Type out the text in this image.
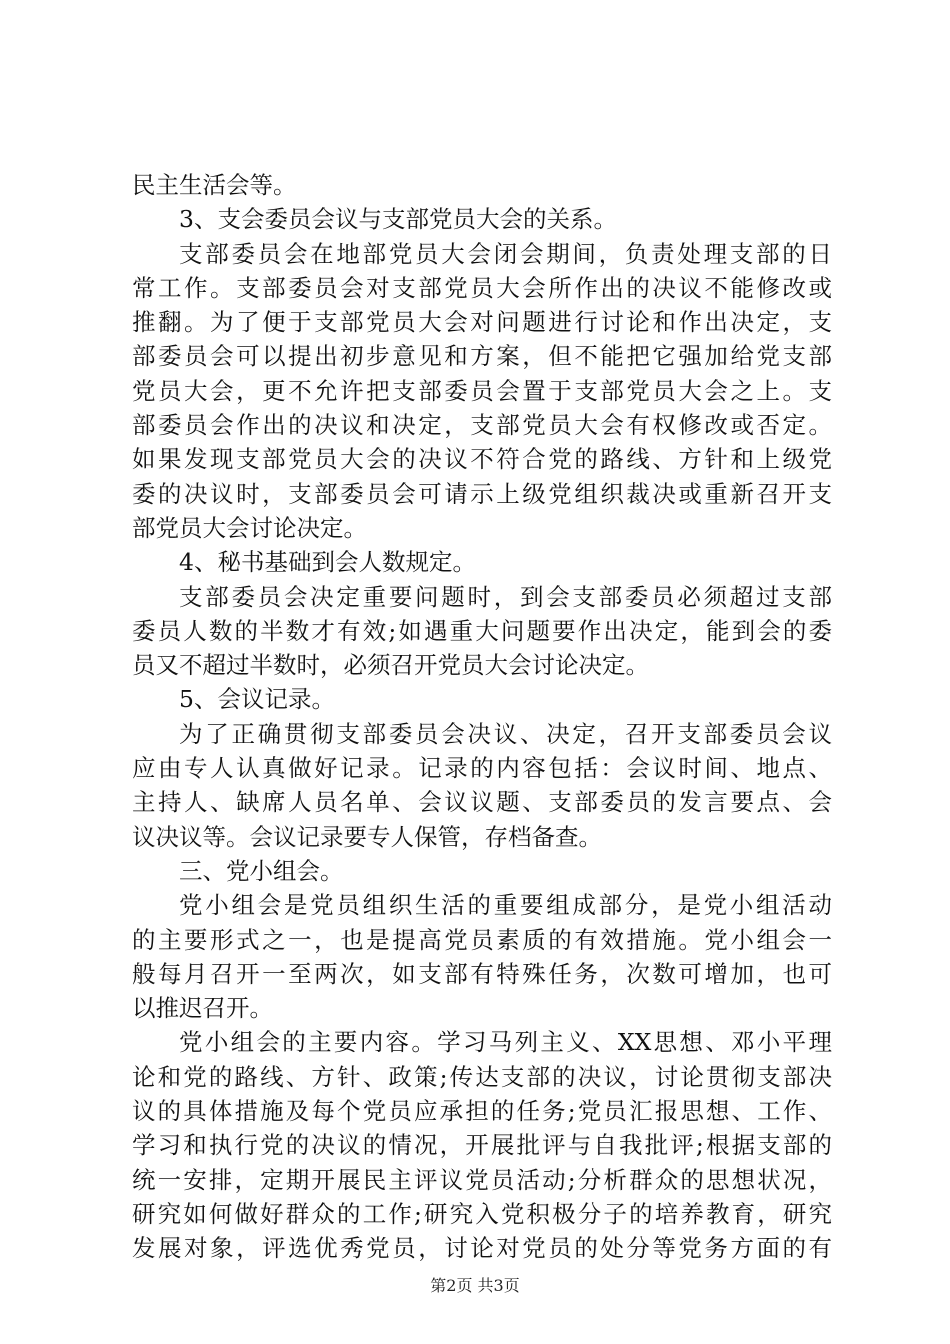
民主生活会等。
3、支会委员会议与支部党员大会的关系。
支部委员会在地部党员大会闭会期间，负责处理支部的日
常工作。支部委员会对支部党员大会所作出的决议不能修改或
推翻。为了便于支部党员大会对问题进行讨论和作出决定，支
部委员会可以提出初步意见和方案，但不能把它强加给党支部
党员大会，更不允许把支部委员会置于支部党员大会之上。支
部委员会作出的决议和决定，支部党员大会有权修改或否定。
如果发现支部党员大会的决议不符合党的路线、方针和上级党
委的决议时，支部委员会可请示上级党组织裁决或重新召开支
部党员大会讨论决定。
4、秘书基础到会人数规定。
支部委员会决定重要问题时，到会支部委员必须超过支部
委员人数的半数才有效;如遇重大问题要作出决定，能到会的委
员又不超过半数时，必须召开党员大会讨论决定。
5、会议记录。
为了正确贯彻支部委员会决议、决定，召开支部委员会议
应由专人认真做好记录。记录的内容包括：会议时间、地点、
主持人、缺席人员名单、会议议题、支部委员的发言要点、会
议决议等。会议记录要专人保管，存档备查。
三、党小组会。
党小组会是党员组织生活的重要组成部分，是党小组活动
的主要形式之一，也是提高党员素质的有效措施。党小组会一
般每月召开一至两次，如支部有特殊任务，次数可增加，也可
以推迟召开。
党小组会的主要内容。学习马列主义、XX思想、邓小平理
论和党的路线、方针、政策;传达支部的决议，讨论贯彻支部决
议的具体措施及每个党员应承担的任务;党员汇报思想、工作、
学习和执行党的决议的情况，开展批评与自我批评;根据支部的
统一安排，定期开展民主评议党员活动;分析群众的思想状况，
研究如何做好群众的工作;研究入党积极分子的培养教育，研究
发展对象，评选优秀党员，讨论对党员的处分等党务方面的有
第2页 共3页
